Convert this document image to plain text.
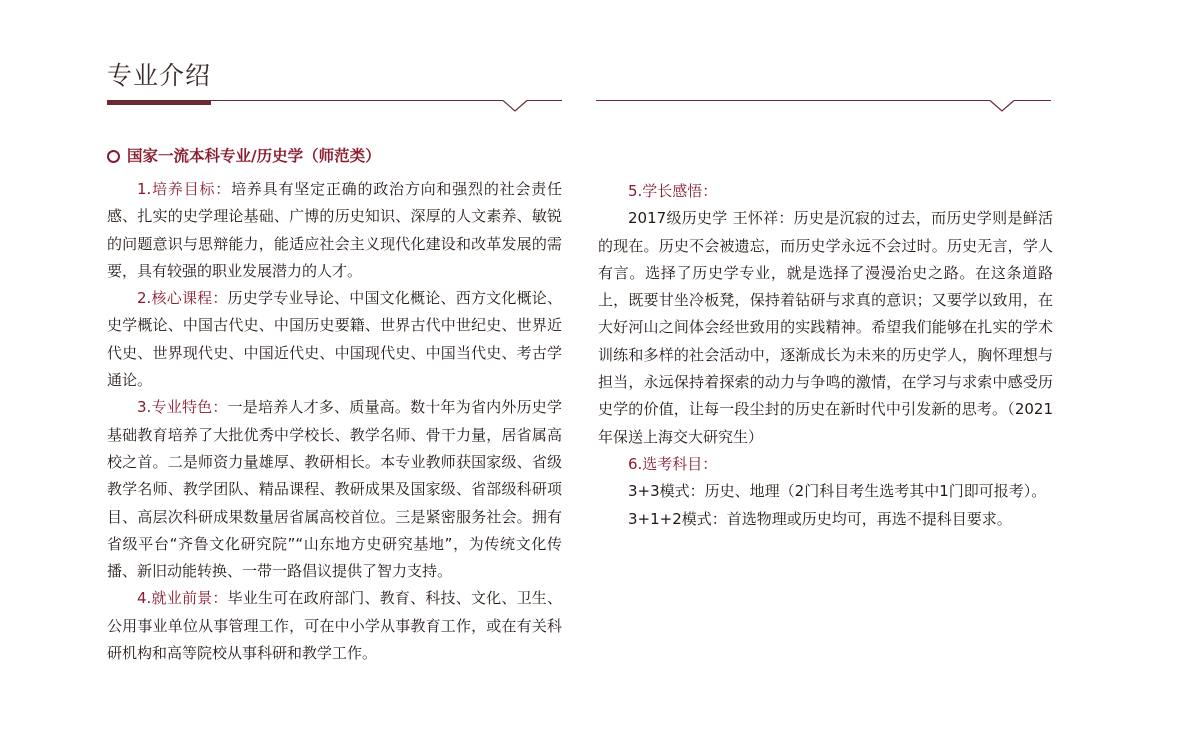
专业介绍
国家一流本科专业/历史学（师范类）

1.培养目标：培养具有坚定正确的政治方向和强烈的社会责任感、扎实的史学理论基础、广博的历史知识、深厚的人文素养、敏锐的问题意识与思辩能力，能适应社会主义现代化建设和改革发展的需要，具有较强的职业发展潜力的人才。

2.核心课程：历史学专业导论、中国文化概论、西方文化概论、史学概论、中国古代史、中国历史要籍、世界古代中世纪史、世界近代史、世界现代史、中国近代史、中国现代史、中国当代史、考古学通论。

3.专业特色：一是培养人才多、质量高。数十年为省内外历史学基础教育培养了大批优秀中学校长、教学名师、骨干力量，居省属高校之首。二是师资力量雄厚、教研相长。本专业教师获国家级、省级教学名师、教学团队、精品课程、教研成果及国家级、省部级科研项目、高层次科研成果数量居省属高校首位。三是紧密服务社会。拥有省级平台“齐鲁文化研究院”“山东地方史研究基地”，为传统文化传播、新旧动能转换、一带一路倡议提供了智力支持。

4.就业前景：毕业生可在政府部门、教育、科技、文化、卫生、公用事业单位从事管理工作，可在中小学从事教育工作，或在有关科研机构和高等院校从事科研和教学工作。

5.学长感悟：

2017级历史学 王怀祥：历史是沉寂的过去，而历史学则是鲜活的现在。历史不会被遗忘，而历史学永远不会过时。历史无言，学人有言。选择了历史学专业，就是选择了漫漫治史之路。在这条道路上，既要甘坐冷板凳，保持着钻研与求真的意识；又要学以致用，在大好河山之间体会经世致用的实践精神。希望我们能够在扎实的学术训练和多样的社会活动中，逐渐成长为未来的历史学人，胸怀理想与担当，永远保持着探索的动力与争鸣的激情，在学习与求索中感受历史学的价值，让每一段尘封的历史在新时代中引发新的思考。（2021年保送上海交大研究生）

6.选考科目：

3+3模式：历史、地理（2门科目考生选考其中1门即可报考）。

3+1+2模式：首选物理或历史均可，再选不提科目要求。
